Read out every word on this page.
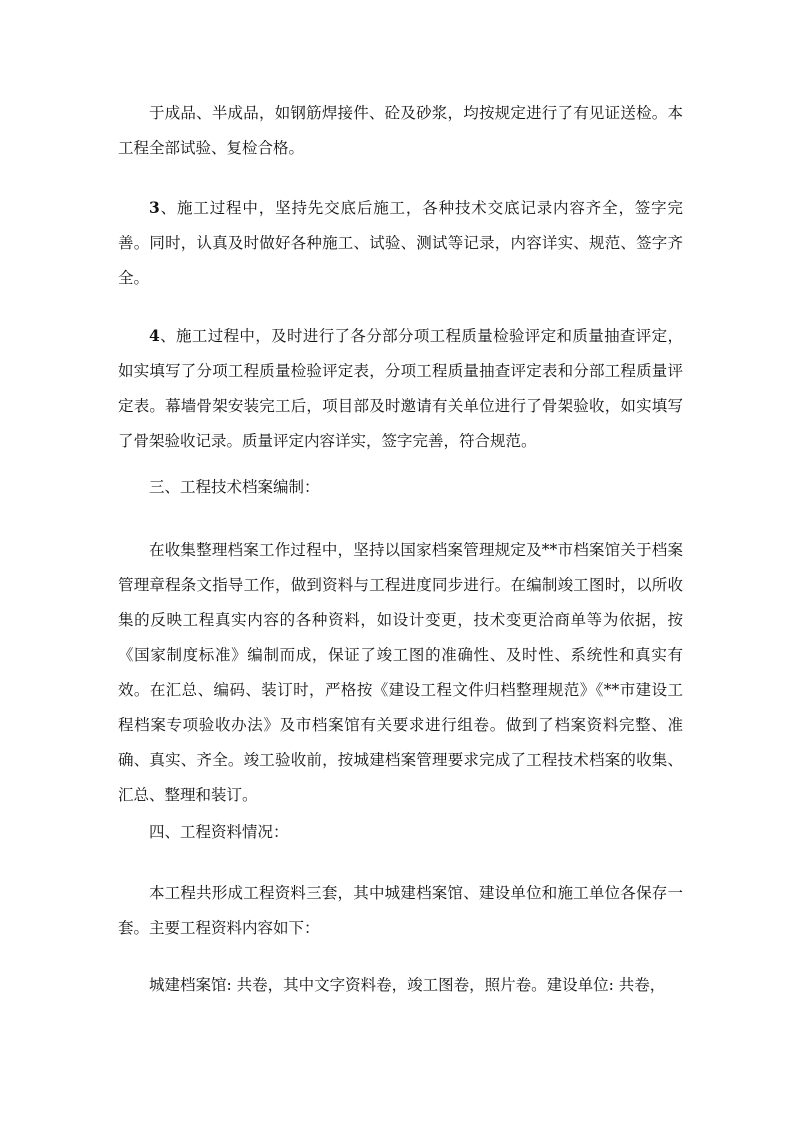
于成品、半成品，如钢筋焊接件、砼及砂浆，均按规定进行了有见证送检。本工程全部试验、复检合格。

3、施工过程中，坚持先交底后施工，各种技术交底记录内容齐全，签字完善。同时，认真及时做好各种施工、试验、测试等记录，内容详实、规范、签字齐全。

4、施工过程中，及时进行了各分部分项工程质量检验评定和质量抽查评定，如实填写了分项工程质量检验评定表，分项工程质量抽查评定表和分部工程质量评定表。幕墙骨架安装完工后，项目部及时邀请有关单位进行了骨架验收，如实填写了骨架验收记录。质量评定内容详实，签字完善，符合规范。

三、工程技术档案编制：

在收集整理档案工作过程中，坚持以国家档案管理规定及**市档案馆关于档案管理章程条文指导工作，做到资料与工程进度同步进行。在编制竣工图时，以所收集的反映工程真实内容的各种资料，如设计变更，技术变更洽商单等为依据，按《国家制度标准》编制而成，保证了竣工图的准确性、及时性、系统性和真实有效。在汇总、编码、装订时，严格按《建设工程文件归档整理规范》《**市建设工程档案专项验收办法》及市档案馆有关要求进行组卷。做到了档案资料完整、准确、真实、齐全。竣工验收前，按城建档案管理要求完成了工程技术档案的收集、汇总、整理和装订。

四、工程资料情况：

本工程共形成工程资料三套，其中城建档案馆、建设单位和施工单位各保存一套。主要工程资料内容如下：

城建档案馆: 共卷，其中文字资料卷，竣工图卷，照片卷。建设单位: 共卷，
